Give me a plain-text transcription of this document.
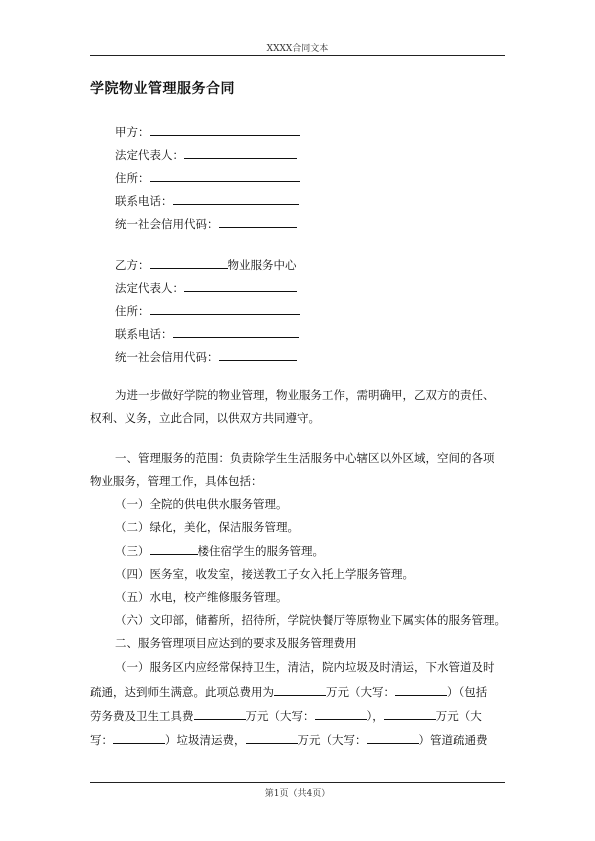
XXXX合同文本
学院物业管理服务合同
甲方：
法定代表人：
住所：
联系电话：
统一社会信用代码：
乙方：	物业服务中心
法定代表人：
住所：
联系电话：
统一社会信用代码：
为进一步做好学院的物业管理，物业服务工作，需明确甲，乙双方的责任、
权利、义务，立此合同，以供双方共同遵守。
一、管理服务的范围：负责除学生生活服务中心辖区以外区域，空间的各项
物业服务，管理工作，具体包括：
（一）全院的供电供水服务管理。
（二）绿化，美化，保洁服务管理。
（三）	楼住宿学生的服务管理。
（四）医务室，收发室，接送教工子女入托上学服务管理。
（五）水电，校产维修服务管理。
（六）文印部，储蓄所，招待所，学院快餐厅等原物业下属实体的服务管理。
二、服务管理项目应达到的要求及服务管理费用
（一）服务区内应经常保持卫生，清洁，院内垃圾及时清运，下水管道及时
疏通，达到师生满意。此项总费用为	万元（大写：	）（包括
劳务费及卫生工具费	万元（大写：	），	万元（大
写：	）垃圾清运费，	万元（大写：	）管道疏通费
第1页（共4页）
